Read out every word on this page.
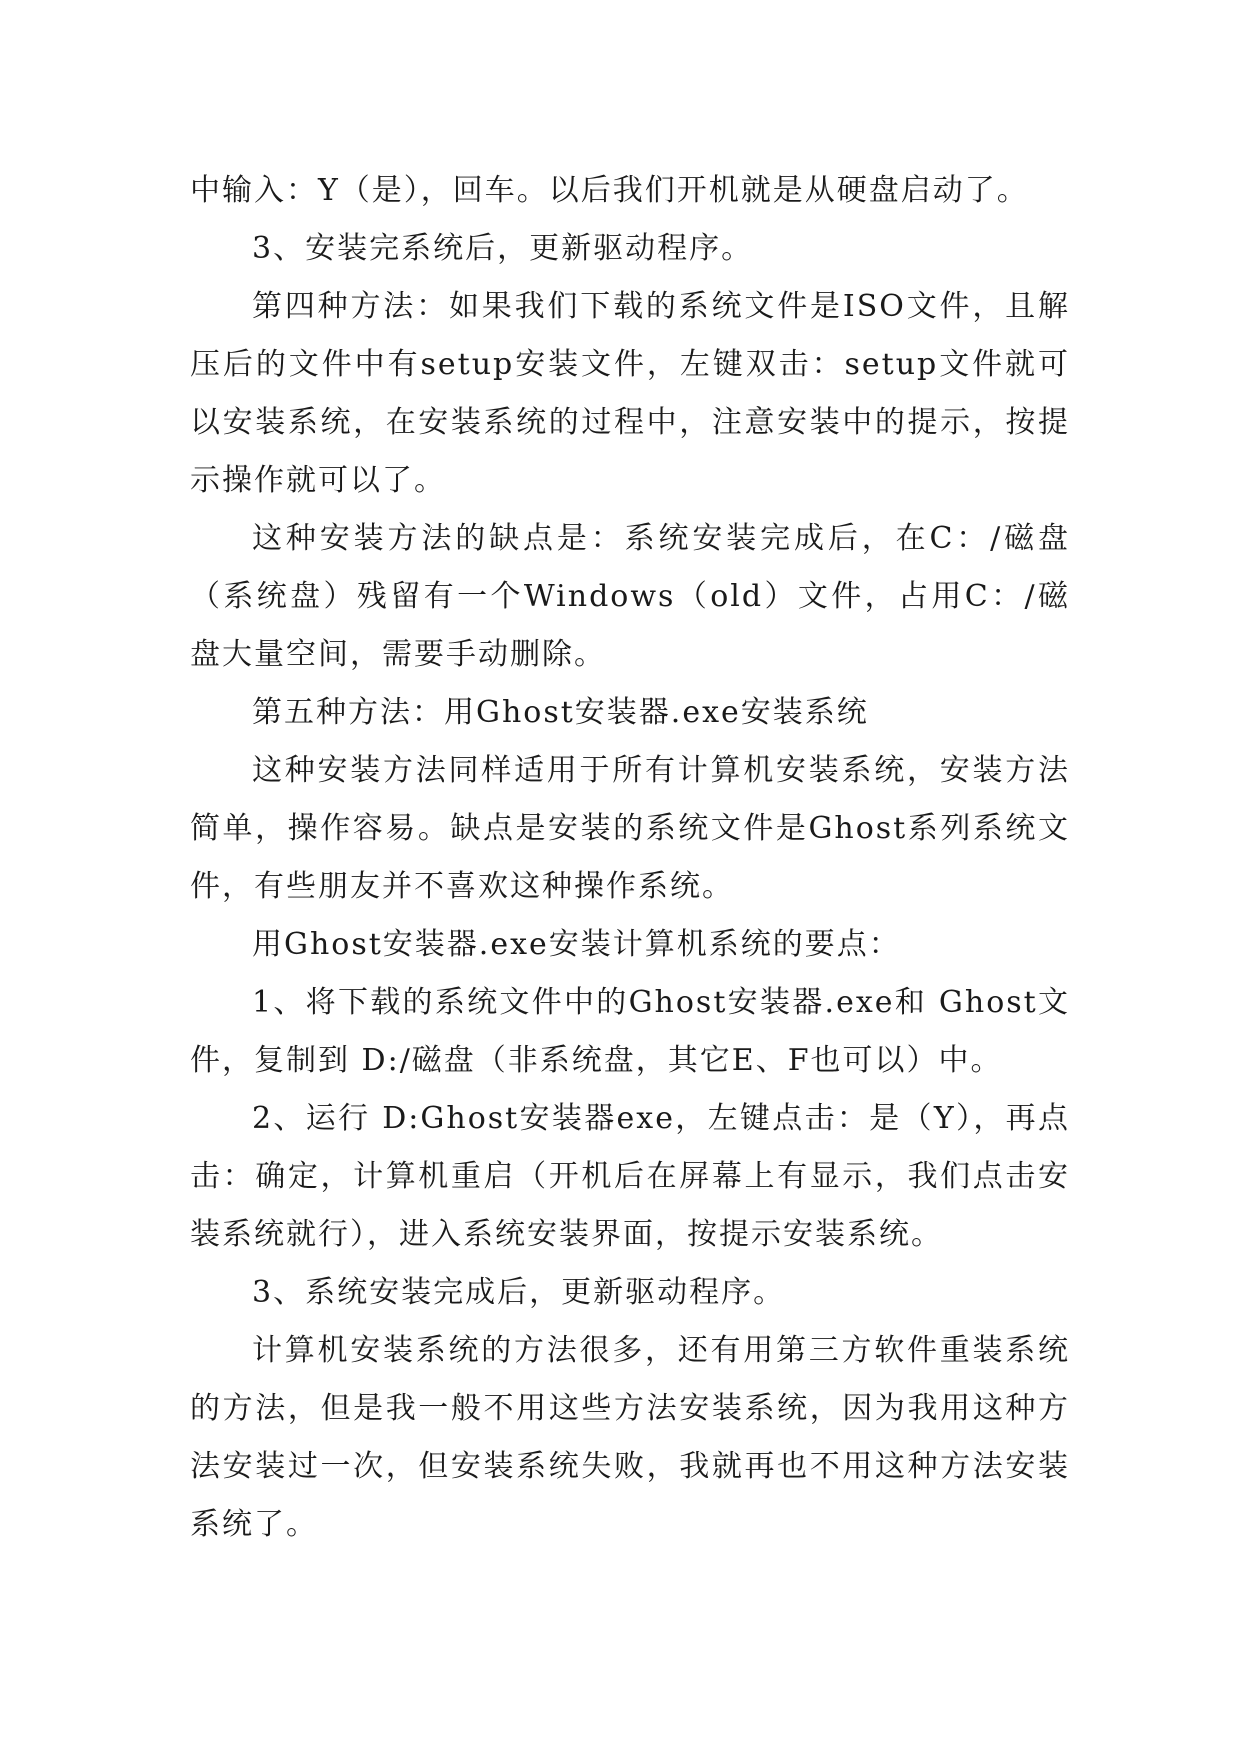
中输入：Y（是），回车。以后我们开机就是从硬盘启动了。

3、安装完系统后，更新驱动程序。

第四种方法：如果我们下载的系统文件是ISO文件，且解压后的文件中有setup安装文件，左键双击：setup文件就可以安装系统，在安装系统的过程中，注意安装中的提示，按提示操作就可以了。

这种安装方法的缺点是：系统安装完成后，在C：/磁盘（系统盘）残留有一个Windows（old）文件，占用C：/磁盘大量空间，需要手动删除。

第五种方法：用Ghost安装器.exe安装系统

这种安装方法同样适用于所有计算机安装系统，安装方法简单，操作容易。缺点是安装的系统文件是Ghost系列系统文件，有些朋友并不喜欢这种操作系统。

用Ghost安装器.exe安装计算机系统的要点：

1、将下载的系统文件中的Ghost安装器.exe和 Ghost文件，复制到 D:/磁盘（非系统盘，其它E、F也可以）中。

2、运行 D:Ghost安装器exe，左键点击：是（Y），再点击：确定，计算机重启（开机后在屏幕上有显示，我们点击安装系统就行），进入系统安装界面，按提示安装系统。

3、系统安装完成后，更新驱动程序。

计算机安装系统的方法很多，还有用第三方软件重装系统的方法，但是我一般不用这些方法安装系统，因为我用这种方法安装过一次，但安装系统失败，我就再也不用这种方法安装系统了。
